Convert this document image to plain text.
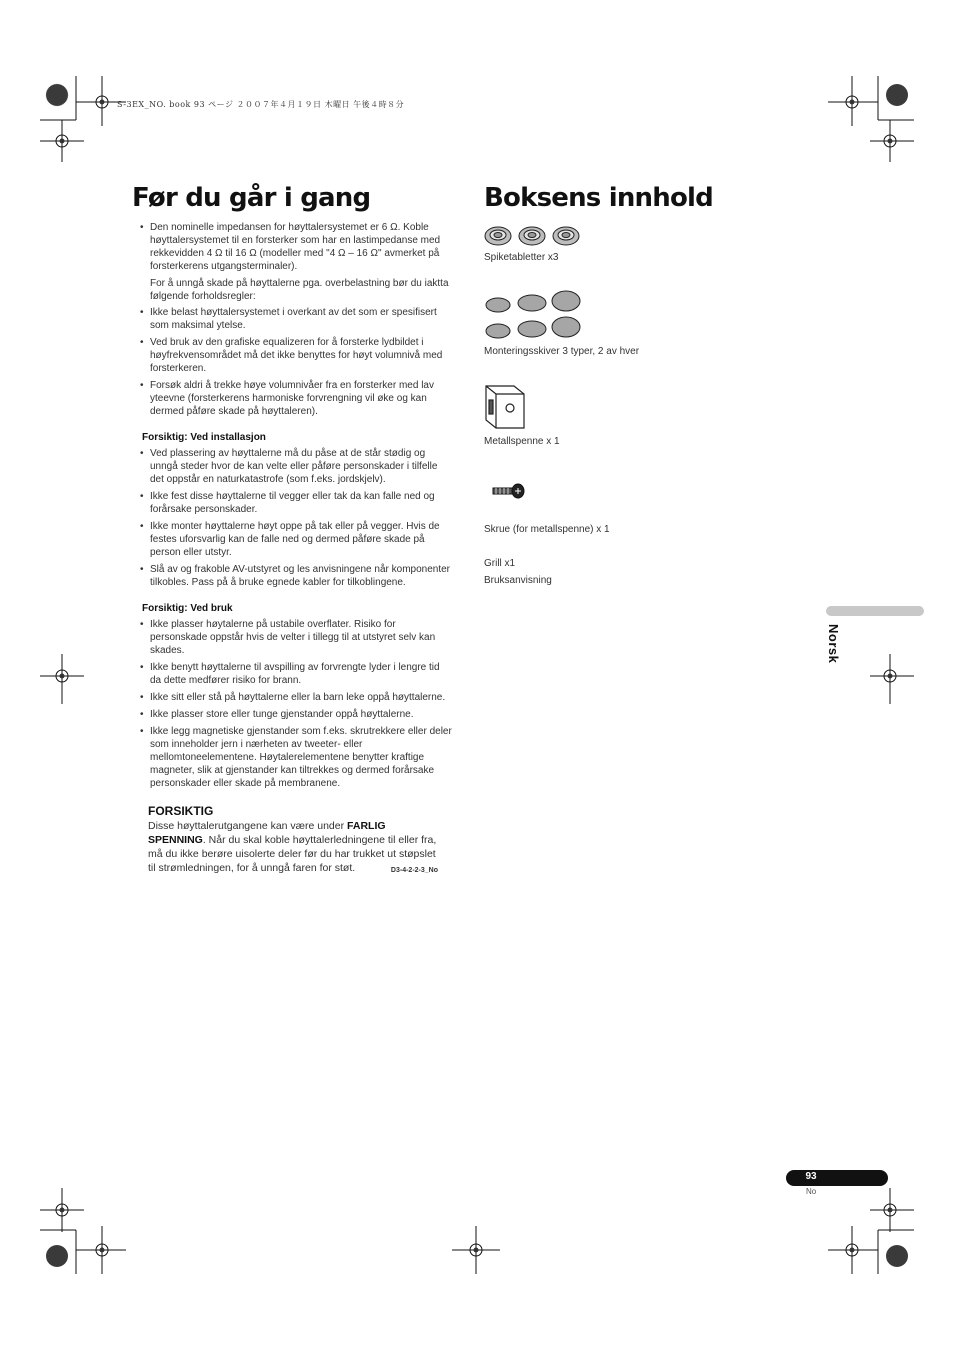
S-3EX_NO. book 93 ページ ２００７年４月１９日 木曜日 午後４時８分
Før du går i gang
• Den nominelle impedansen for høyttalersystemet er 6 Ω. Koble høyttalersystemet til en forsterker som har en lastimpedanse med rekkevidden 4 Ω til 16 Ω (modeller med "4 Ω – 16 Ω" avmerket på forsterkerens utgangsterminaler).
For å unngå skade på høyttalerne pga. overbelastning bør du iaktta følgende forholdsregler:
• Ikke belast høyttalersystemet i overkant av det som er spesifisert som maksimal ytelse.
• Ved bruk av den grafiske equalizeren for å forsterke lydbildet i høyfrekvensområdet må det ikke benyttes for høyt volumnivå med forsterkeren.
• Forsøk aldri å trekke høye volumnivåer fra en forsterker med lav yteevne (forsterkerens harmoniske forvrengning vil øke og kan dermed påføre skade på høyttaleren).
Forsiktig: Ved installasjon
• Ved plassering av høyttalerne må du påse at de står stødig og unngå steder hvor de kan velte eller påføre personskader i tilfelle det oppstår en naturkatastrofe (som f.eks. jordskjelv).
• Ikke fest disse høyttalerne til vegger eller tak da kan falle ned og forårsake personskader.
• Ikke monter høyttalerne høyt oppe på tak eller på vegger. Hvis de festes uforsvarlig kan de falle ned og dermed påføre skade på person eller utstyr.
• Slå av og frakoble AV-utstyret og les anvisningene når komponenter tilkobles. Pass på å bruke egnede kabler for tilkoblingene.
Forsiktig: Ved bruk
• Ikke plasser høytalerne på ustabile overflater. Risiko for personskade oppstår hvis de velter i tillegg til at utstyret selv kan skades.
• Ikke benytt høyttalerne til avspilling av forvrengte lyder i lengre tid da dette medfører risiko for brann.
• Ikke sitt eller stå på høyttalerne eller la barn leke oppå høyttalerne.
• Ikke plasser store eller tunge gjenstander oppå høyttalerne.
• Ikke legg magnetiske gjenstander som f.eks. skrutrekkere eller deler som inneholder jern i nærheten av tweeter- eller mellomtoneelementene. Høytalerelementene benytter kraftige magneter, slik at gjenstander kan tiltrekkes og dermed forårsake personskader eller skade på membranene.
FORSIKTIG
Disse høyttalerutgangene kan være under FARLIG SPENNING. Når du skal koble høyttalerledningene til eller fra, må du ikke berøre uisolerte deler før du har trukket ut støpslet til strømledningen, for å unngå faren for støt.	D3-4-2-2-3_No
Boksens innhold
Spiketabletter x3
Monteringsskiver 3 typer, 2 av hver
Metallspenne x 1
Skrue (for metallspenne) x 1
Grill x1
Bruksanvisning
Norsk
93
No
